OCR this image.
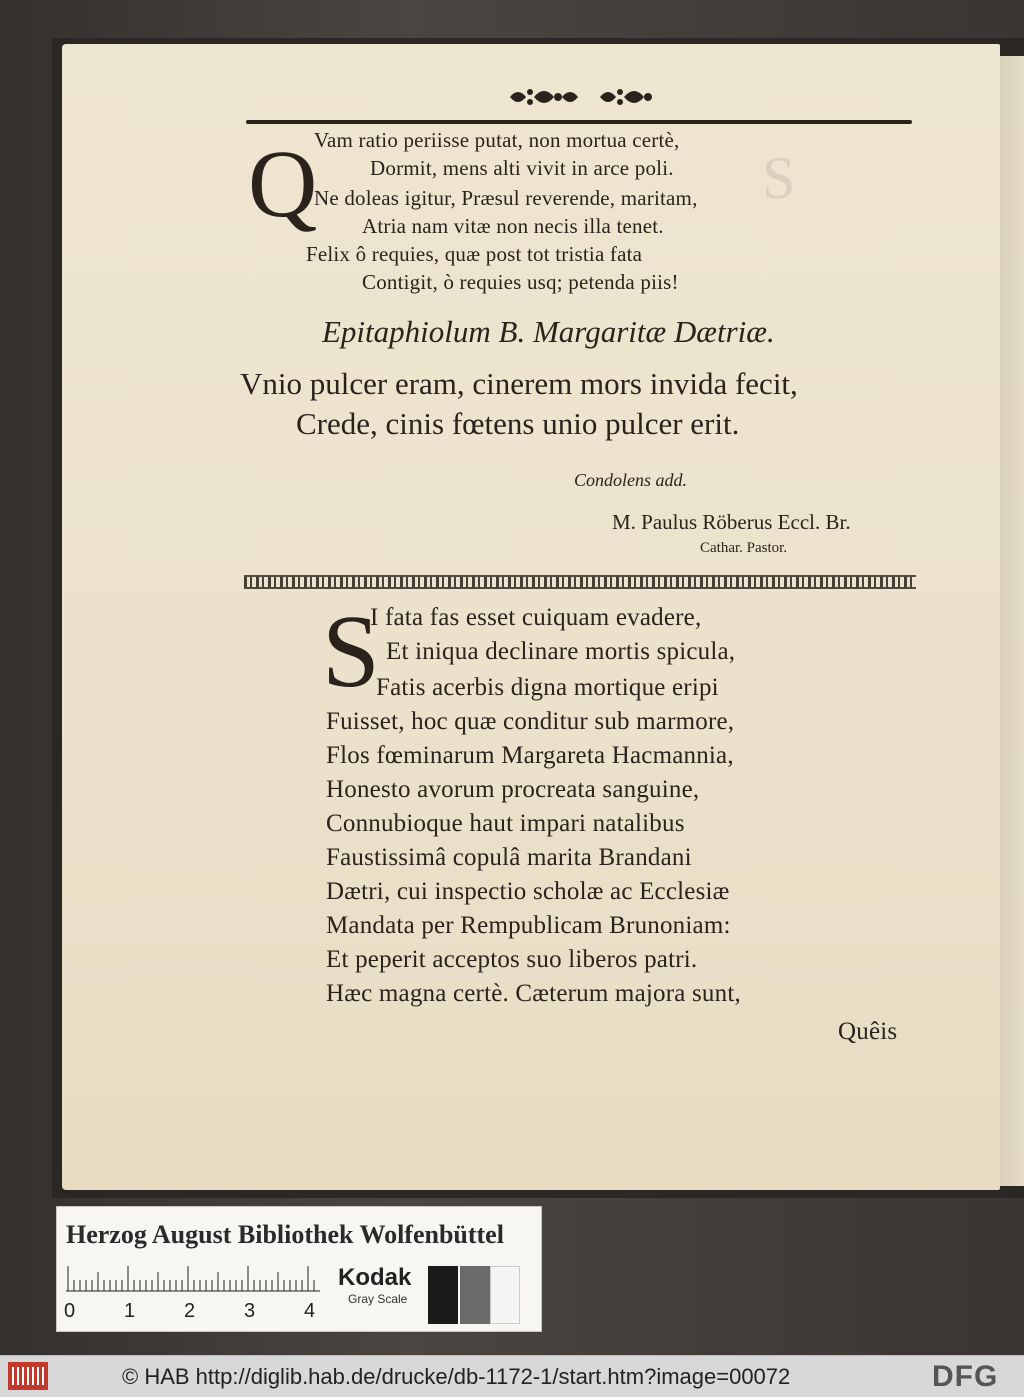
S

Q
Vam ratio periisse putat, non mortua certè,
Dormit, mens alti vivit in arce poli.
Ne doleas igitur, Præsul reverende, maritam,
Atria nam vitæ non necis illa tenet.
Felix ô requies, quæ post tot tristia fata
Contigit, ò requies usq; petenda piis!
Epitaphiolum B. Margaritæ Dætriæ.
Vnio pulcer eram, cinerem mors invida fecit,
Crede, cinis fœtens unio pulcer erit.
Condolens add.
M. Paulus Röberus Eccl. Br.
Cathar. Pastor.
S
I fata fas esset cuiquam evadere,
Et iniqua declinare mortis spicula,
Fatis acerbis digna mortique eripi
Fuisset, hoc quæ conditur sub marmore,
Flos fœminarum Margareta Hacmannia,
Honesto avorum procreata sanguine,
Connubioque haut impari natalibus
Faustissimâ copulâ marita Brandani
Dætri, cui inspectio scholæ ac Ecclesiæ
Mandata per Rempublicam Brunoniam:
Et peperit acceptos suo liberos patri.
Hæc magna certè. Cæterum majora sunt,
Quêis
Herzog August Bibliothek Wolfenbüttel
0 1 2 3 4
Kodak
Gray Scale
© HAB http://diglib.hab.de/drucke/db-1172-1/start.htm?image=00072	DFG
